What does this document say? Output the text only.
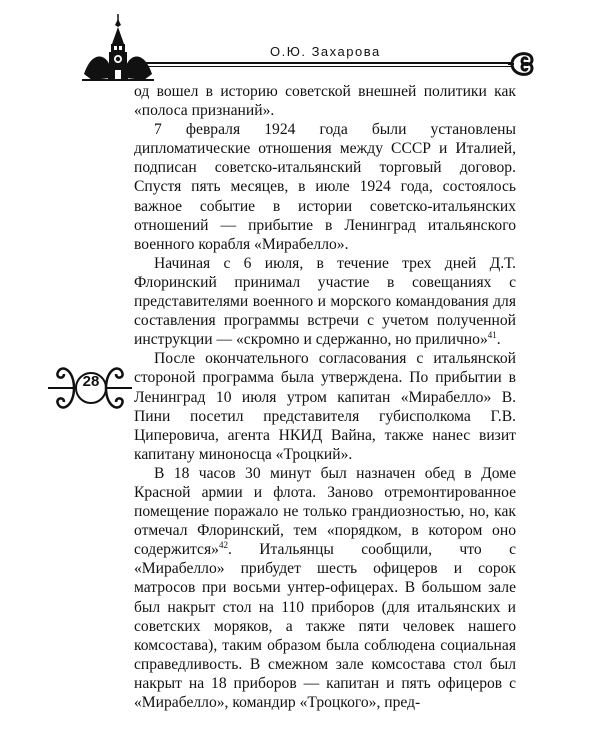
О.Ю. Захарова
28

од вошел в историю советской внешней политики как «полоса признаний».

7 февраля 1924 года были установлены дипломатические отношения между СССР и Италией, подписан советско-итальянский торговый договор. Спустя пять месяцев, в июле 1924 года, состоялось важное событие в истории советско-итальянских отношений — прибытие в Ленинград итальянского военного корабля «Мирабелло».

Начиная с 6 июля, в течение трех дней Д.Т. Флоринский принимал участие в совещаниях с представителями военного и морского командования для составления программы встречи с учетом полученной инструкции — «скромно и сдержанно, но прилично»$^{41}$.

После окончательного согласования с итальянской стороной программа была утверждена. По прибытии в Ленинград 10 июля утром капитан «Мирабелло» В. Пини посетил представителя губисполкома Г.В. Циперовича, агента НКИД Вайна, также нанес визит капитану миноносца «Троцкий».

В 18 часов 30 минут был назначен обед в Доме Красной армии и флота. Заново отремонтированное помещение поражало не только грандиозностью, но, как отмечал Флоринский, тем «порядком, в котором оно содержится»$^{42}$. Итальянцы сообщили, что с «Мирабелло» прибудет шесть офицеров и сорок матросов при восьми унтер-офицерах. В большом зале был накрыт стол на 110 приборов (для итальянских и советских моряков, а также пяти человек нашего комсостава), таким образом была соблюдена социальная справедливость. В смежном зале комсостава стол был накрыт на 18 приборов — капитан и пять офицеров с «Мирабелло», командир «Троцкого», пред-
